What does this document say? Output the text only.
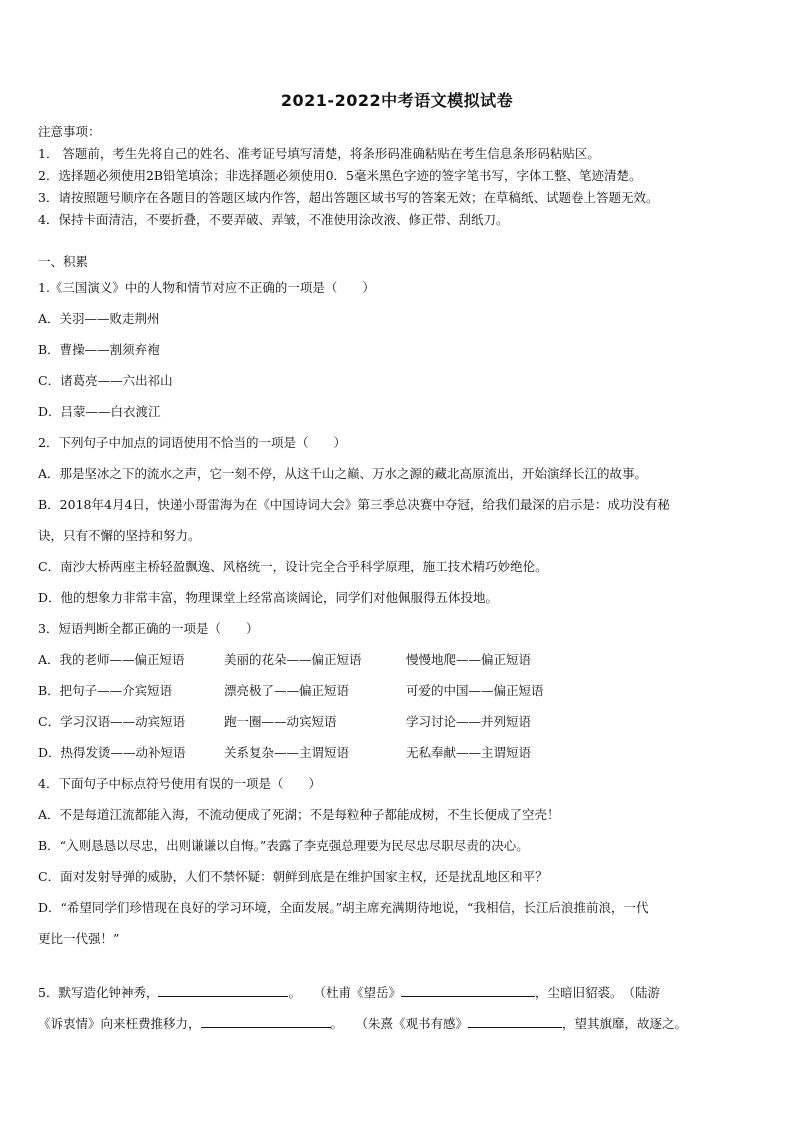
2021-2022中考语文模拟试卷
注意事项：
1． 答题前，考生先将自己的姓名、准考证号填写清楚，将条形码准确粘贴在考生信息条形码粘贴区。
2．选择题必须使用2B铅笔填涂；非选择题必须使用0．5毫米黑色字迹的签字笔书写，字体工整、笔迹清楚。
3．请按照题号顺序在各题目的答题区域内作答，超出答题区域书写的答案无效；在草稿纸、试题卷上答题无效。
4．保持卡面清洁，不要折叠，不要弄破、弄皱，不准使用涂改液、修正带、刮纸刀。
一、积累
1.《三国演义》中的人物和情节对应不正确的一项是（　　）
A．关羽——败走荆州
B．曹操——割须弃袍
C．诸葛亮——六出祁山
D．吕蒙——白衣渡江
2．下列句子中加点的词语使用不恰当的一项是（　　）
A．那是坚冰之下的流水之声，它一刻不停，从这千山之巅、万水之源的藏北高原流出，开始演绎长江的故事。
B．2018年4月4日，快递小哥雷海为在《中国诗词大会》第三季总决赛中夺冠，给我们最深的启示是：成功没有秘
诀，只有不懈的坚持和努力。
C．南沙大桥两座主桥轻盈飘逸、风格统一，设计完全合乎科学原理，施工技术精巧妙绝伦。
D．他的想象力非常丰富，物理课堂上经常高谈阔论，同学们对他佩服得五体投地。
3．短语判断全都正确的一项是（　　）
A．我的老师——偏正短语	美丽的花朵——偏正短语	慢慢地爬——偏正短语
B．把句子——介宾短语	漂亮极了——偏正短语	可爱的中国——偏正短语
C．学习汉语——动宾短语	跑一圈——动宾短语	学习讨论——并列短语
D．热得发烫——动补短语	关系复杂——主谓短语	无私奉献——主谓短语
4．下面句子中标点符号使用有误的一项是（　　）
A．不是每道江流都能入海，不流动便成了死湖；不是每粒种子都能成树，不生长便成了空壳！
B．“入则恳恳以尽忠，出则谦谦以自悔。”表露了李克强总理要为民尽忠尽职尽责的决心。
C．面对发射导弹的威胁，人们不禁怀疑：朝鲜到底是在维护国家主权，还是扰乱地区和平？
D．“希望同学们珍惜现在良好的学习环境，全面发展。”胡主席充满期待地说，“我相信，长江后浪推前浪，一代
更比一代强！”
5．默写造化钟神秀，	。　　（杜甫《望岳》	，尘暗旧貂裘。　（陆游
《诉衷情》向来枉费推移力，	。　　（朱熹《观书有感》	，望其旗靡，故逐之。
